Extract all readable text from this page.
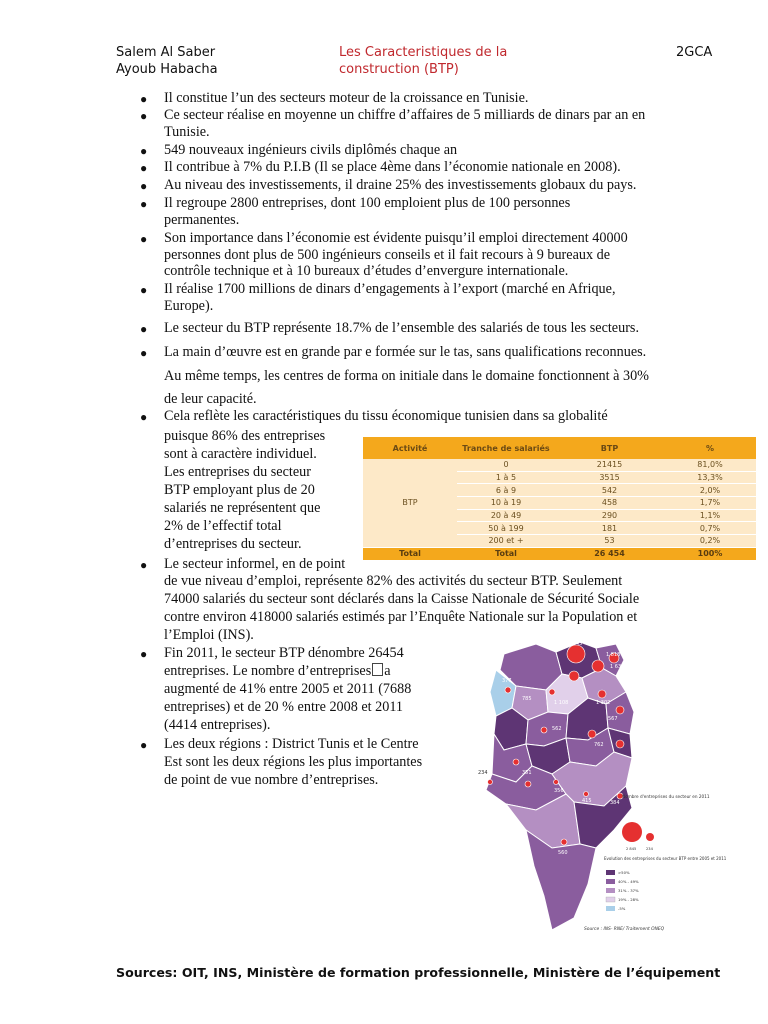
Salem Al Saber
Ayoub Habacha
Les Caracteristiques de la
construction (BTP)
2GCA
● Il constitue l’un des secteurs moteur de la croissance en Tunisie.
● Ce secteur réalise en moyenne un chiffre d’affaires de 5 milliards de dinars par an en
Tunisie.
● 549 nouveaux ingénieurs civils diplômés chaque an
● Il contribue à 7% du P.I.B (Il se place 4ème dans l’économie nationale en 2008).
● Au niveau des investissements, il draine 25% des investissements globaux du pays.
● Il regroupe 2800 entreprises, dont 100 emploient plus de 100 personnes
permanentes.
● Son importance dans l’économie est évidente puisqu’il emploi directement 40000
personnes dont plus de 500 ingénieurs conseils et il fait recours à 9 bureaux de
contrôle technique et à 10 bureaux d’études d’envergure internationale.
● Il réalise 1700 millions de dinars d’engagements à l’export (marché en Afrique,
Europe).
● Le secteur du BTP représente 18.7% de l’ensemble des salariés de tous les secteurs.
● La main d’œuvre est en grande par e formée sur le tas, sans qualifications reconnues.
Au même temps, les centres de forma on initiale dans le domaine fonctionnent à 30%
de leur capacité.
● Cela reflète les caractéristiques du tissu économique tunisien dans sa globalité
puisque 86% des entreprises
sont à caractère individuel.
Les entreprises du secteur
BTP employant plus de 20
salariés ne représentent que
2% de l’effectif total
d’entreprises du secteur.
Activité	Tranche de salariés	BTP	%
BTP	0	21415	81,0%
	1 à 5	3515	13,3%
	6 à 9	542	2,0%
	10 à 19	458	1,7%
	20 à 49	290	1,1%
	50 à 199	181	0,7%
	200 et +	53	0,2%
Total	Total	26 454	100%
● Le secteur informel, en de point
de vue niveau d’emploi, représente 82% des activités du secteur BTP. Seulement
74000 salariés du secteur sont déclarés dans la Caisse Nationale de Sécurité Sociale
contre environ 418000 salariés estimés par l’Enquête Nationale sur la Population et
l’Emploi (INS).
● Fin 2011, le secteur BTP dénombre 26454
entreprises. Le nombre d’entreprises a
augmenté de 41% entre 2005 et 2011 (7688
entreprises) et de 20 % entre 2008 et 2011
(4414 entreprises).
● Les deux régions : District Tunis et le Centre
Est sont les deux régions les plus importantes
de point de vue nombre d’entreprises.
2 845
1 818
1 634
377
785
1 108	1 302
567
234
562
762
351
356
415	384
560
Nombre d'entreprises du secteur en 2011
2 845	234
Evolution des entreprises du secteur BTP entre 2005 et 2011
>50%
40% - 49%
31% - 37%
19% - 28%
-5%
Source : INS- RNE/ Traitement ONEQ
Sources: OIT, INS, Ministère de formation professionnelle, Ministère de l’équipement
